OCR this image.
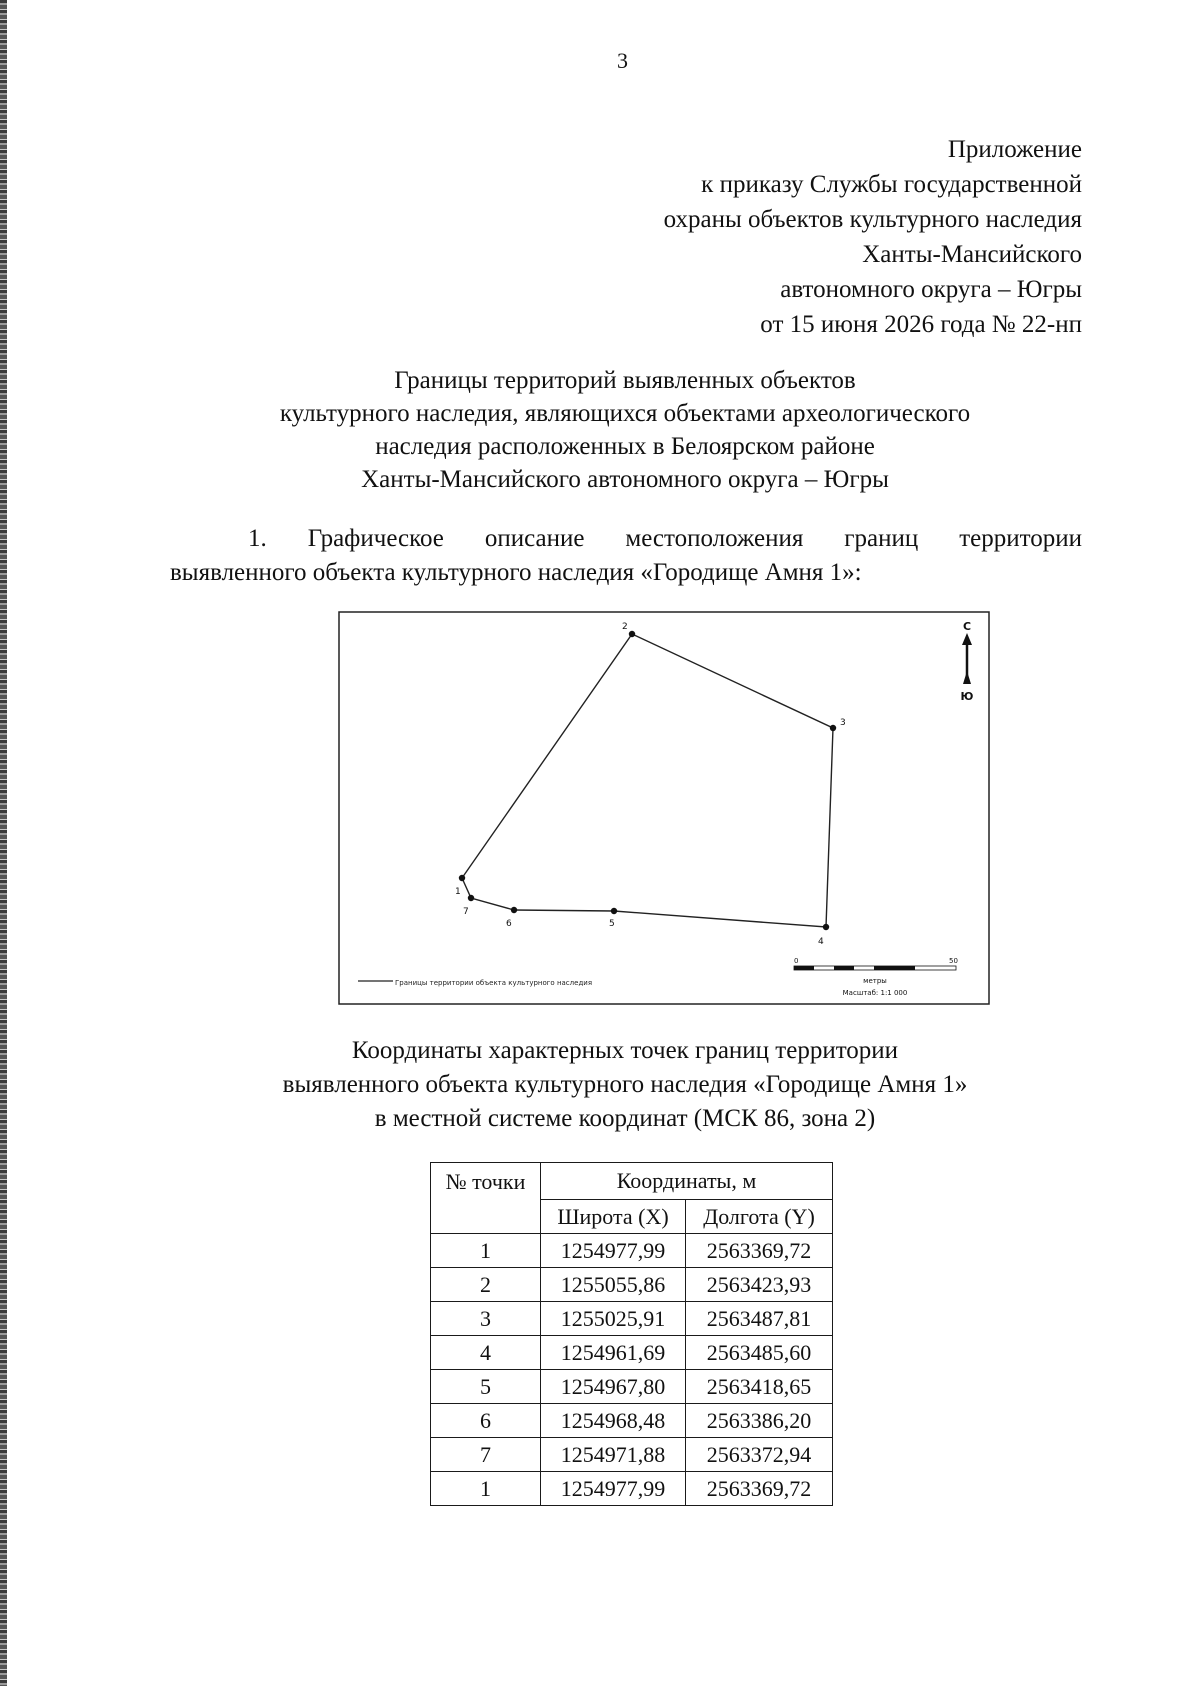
3
Приложение
к приказу Службы государственной
охраны объектов культурного наследия
Ханты-Мансийского
автономного округа – Югры
от 15 июня 2026 года № 22-нп
Границы территорий выявленных объектов
культурного наследия, являющихся объектами археологического
наследия расположенных в Белоярском районе
Ханты-Мансийского автономного округа – Югры
1. Графическое описание местоположения границ территории
выявленного объекта культурного наследия «Городище Амня 1»:
1
2
3
4
5
6
7
С
Ю
Границы территории объекта культурного наследия
0	50
метры
Масштаб: 1:1 000
Координаты характерных точек границ территории
выявленного объекта культурного наследия «Городище Амня 1»
в местной системе координат (МСК 86, зона 2)
№ точки	Координаты, м	
	Широта (X)	Долгота (Y)
1	1254977,99	2563369,72
2	1255055,86	2563423,93
3	1255025,91	2563487,81
4	1254961,69	2563485,60
5	1254967,80	2563418,65
6	1254968,48	2563386,20
7	1254971,88	2563372,94
1	1254977,99	2563369,72
